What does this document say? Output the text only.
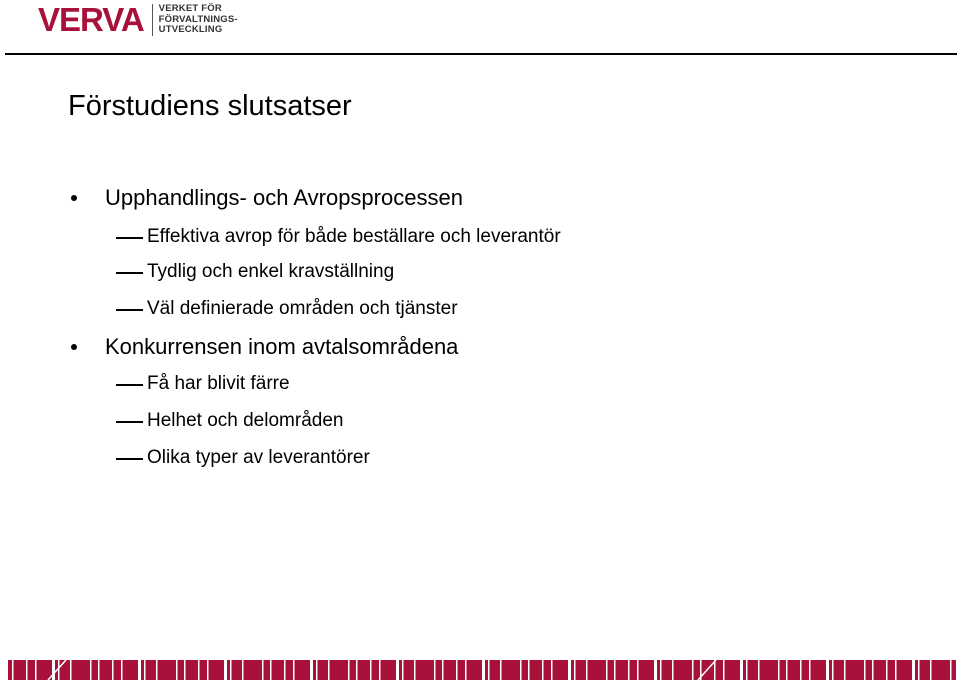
VERVA VERKET FÖR
FÖRVALTNINGS-
UTVECKLING
Förstudiens slutsatser
Upphandlings- och Avropsprocessen
Effektiva avrop för både beställare och leverantör
Tydlig och enkel kravställning
Väl definierade områden och tjänster
Konkurrensen inom avtalsområdena
Få har blivit färre
Helhet och delområden
Olika typer av leverantörer
